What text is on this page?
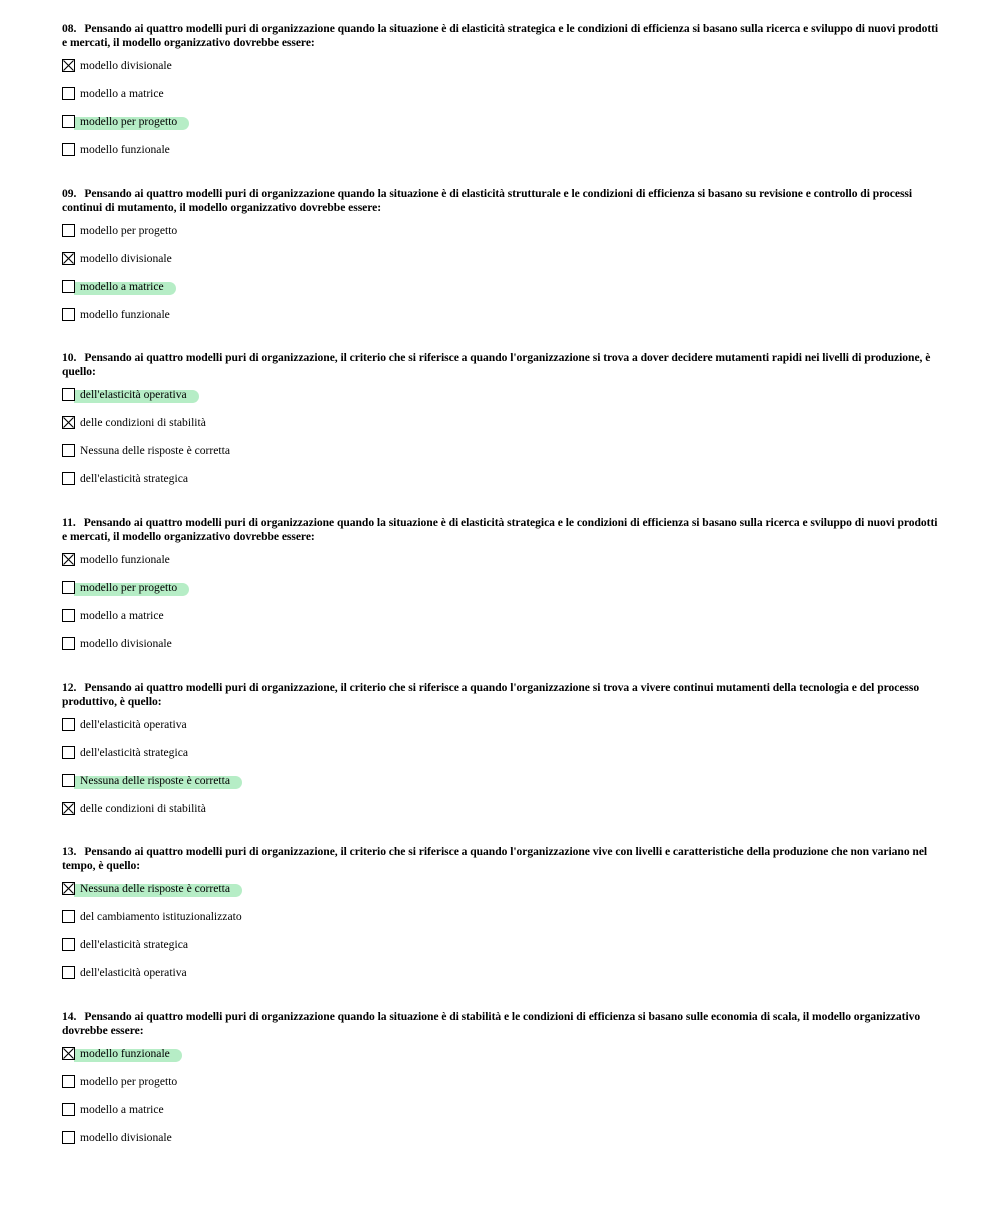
08 . Pensando ai quattro modelli puri di organizzazione quando la situazione è di elasticità strategica e le condizioni di efficienza si basano sulla ricerca e sviluppo di nuovi prodotti e mercati, il modello organizzativo dovrebbe essere:

modello divisionale
modello a matrice
modello per progetto
modello funzionale

09 . Pensando ai quattro modelli puri di organizzazione quando la situazione è di elasticità strutturale e le condizioni di efficienza si basano su revisione e controllo di processi continui di mutamento, il modello organizzativo dovrebbe essere:

modello per progetto
modello divisionale
modello a matrice
modello funzionale

10 . Pensando ai quattro modelli puri di organizzazione, il criterio che si riferisce a quando l'organizzazione si trova a dover decidere mutamenti rapidi nei livelli di produzione, è quello:

dell'elasticità operativa
delle condizioni di stabilità
Nessuna delle risposte è corretta
dell'elasticità strategica

11 . Pensando ai quattro modelli puri di organizzazione quando la situazione è di elasticità strategica e le condizioni di efficienza si basano sulla ricerca e sviluppo di nuovi prodotti e mercati, il modello organizzativo dovrebbe essere:

modello funzionale
modello per progetto
modello a matrice
modello divisionale

12 . Pensando ai quattro modelli puri di organizzazione, il criterio che si riferisce a quando l'organizzazione si trova a vivere continui mutamenti della tecnologia e del processo produttivo, è quello:

dell'elasticità operativa
dell'elasticità strategica
Nessuna delle risposte è corretta
delle condizioni di stabilità

13 . Pensando ai quattro modelli puri di organizzazione, il criterio che si riferisce a quando l'organizzazione vive con livelli e caratteristiche della produzione che non variano nel tempo, è quello:

Nessuna delle risposte è corretta
del cambiamento istituzionalizzato
dell'elasticità strategica
dell'elasticità operativa

14 . Pensando ai quattro modelli puri di organizzazione quando la situazione è di stabilità e le condizioni di efficienza si basano sulle economia di scala, il modello organizzativo dovrebbe essere:

modello funzionale
modello per progetto
modello a matrice
modello divisionale
